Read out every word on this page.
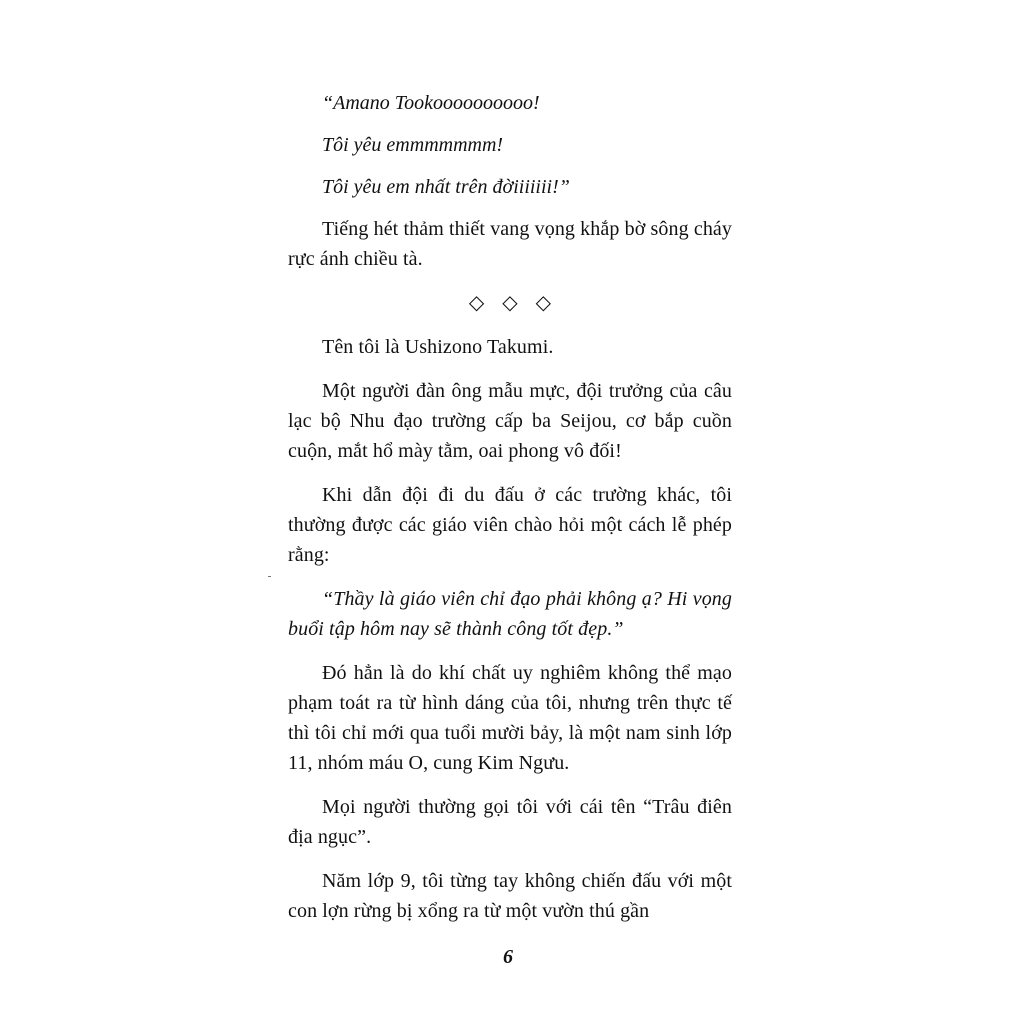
“Amano Tookoooooooooo!

Tôi yêu emmmmmmm!

Tôi yêu em nhất trên đờiiiiiii!”

Tiếng hét thảm thiết vang vọng khắp bờ sông cháy rực ánh chiều tà.

◇◇◇

Tên tôi là Ushizono Takumi.

Một người đàn ông mẫu mực, đội trưởng của câu lạc bộ Nhu đạo trường cấp ba Seijou, cơ bắp cuồn cuộn, mắt hổ mày tằm, oai phong vô đối!

Khi dẫn đội đi du đấu ở các trường khác, tôi thường được các giáo viên chào hỏi một cách lễ phép rằng:

“Thầy là giáo viên chỉ đạo phải không ạ? Hi vọng buổi tập hôm nay sẽ thành công tốt đẹp.”

Đó hẳn là do khí chất uy nghiêm không thể mạo phạm toát ra từ hình dáng của tôi, nhưng trên thực tế thì tôi chỉ mới qua tuổi mười bảy, là một nam sinh lớp 11, nhóm máu O, cung Kim Ngưu.

Mọi người thường gọi tôi với cái tên “Trâu điên địa ngục”.

Năm lớp 9, tôi từng tay không chiến đấu với một con lợn rừng bị xổng ra từ một vườn thú gần

6
